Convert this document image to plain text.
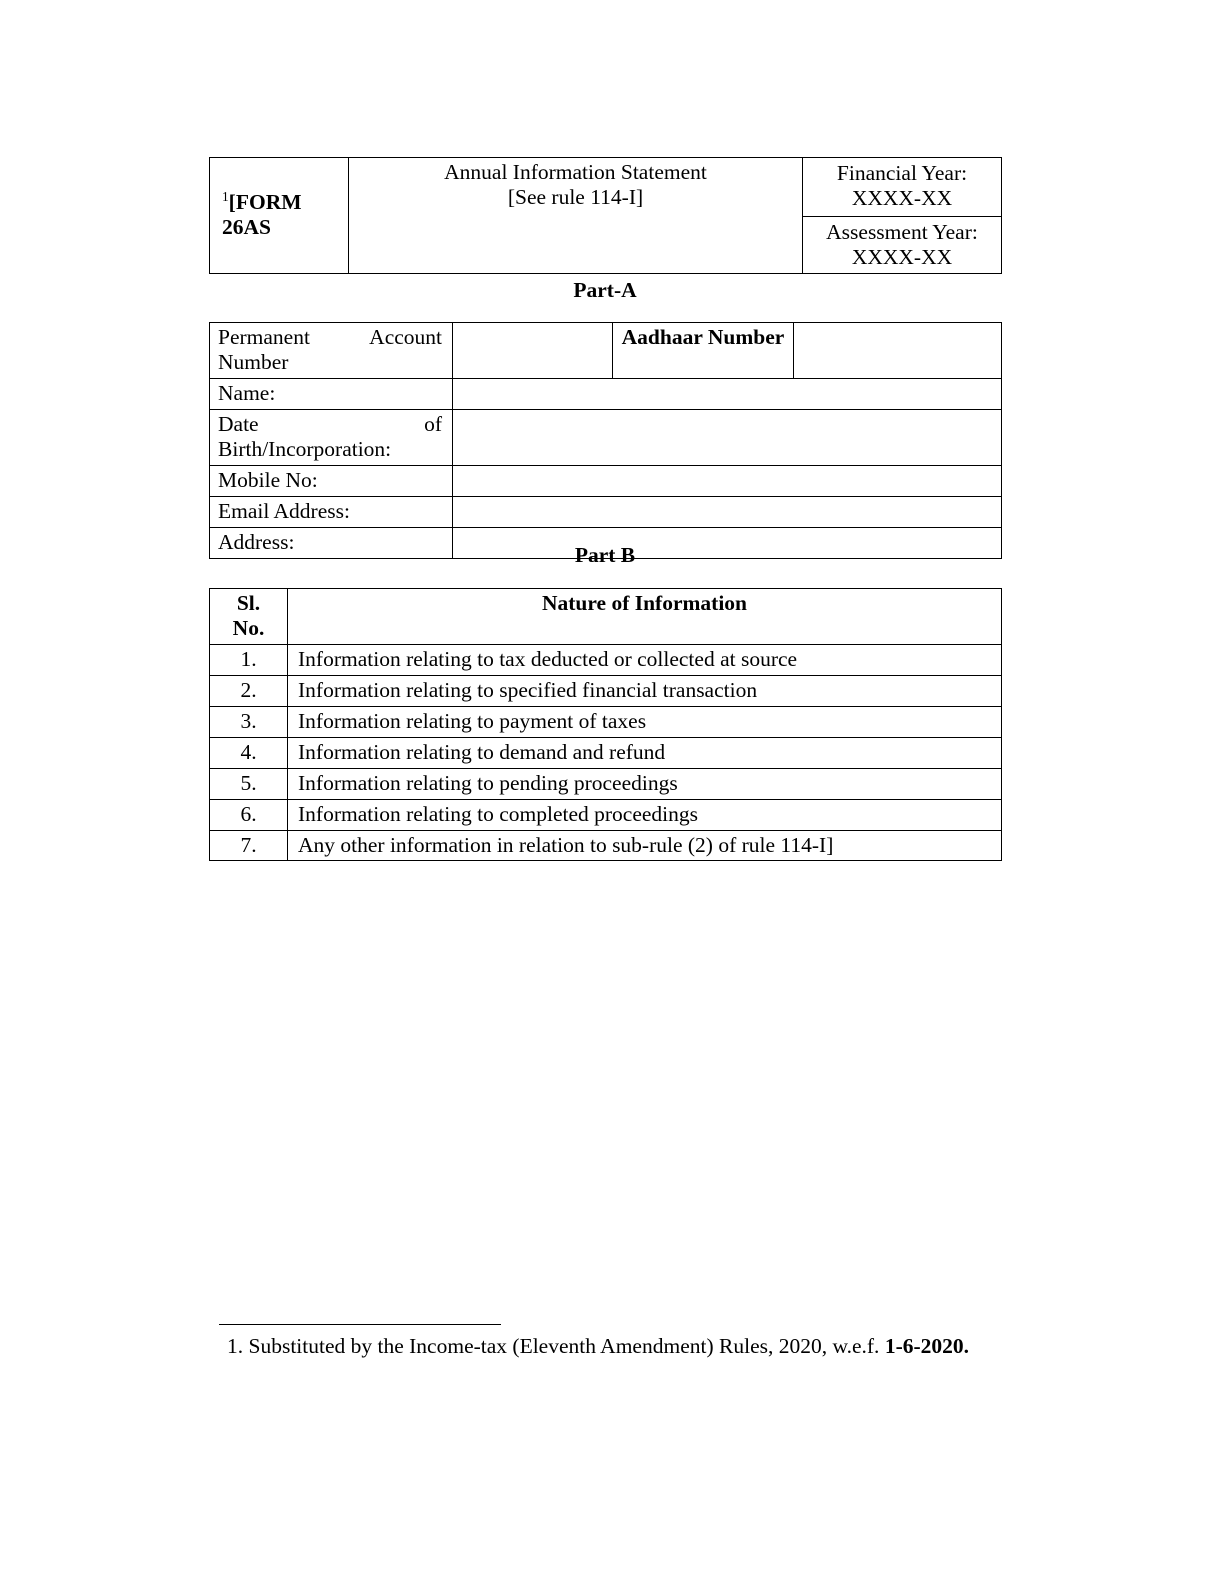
$^1$[FORM 26AS	
Annual Information Statement
[See rule 114-I]
	Financial Year:
XXXX-XX

Assessment Year:
XXXX-XX
Part-A
Permanent Account Number		Aadhaar Number	
Name:			
Date of Birth/Incorporation:			
Mobile No:			
Email Address:			
Address:			
Part B
Sl.
No.	Nature of Information
1.	Information relating to tax deducted or collected at source
2.	Information relating to specified financial transaction
3.	Information relating to payment of taxes
4.	Information relating to demand and refund
5.	Information relating to pending proceedings
6.	Information relating to completed proceedings
7.	Any other information in relation to sub-rule (2) of rule 114-I]
1. Substituted by the Income-tax (Eleventh Amendment) Rules, 2020, w.e.f. 1-6-2020.
